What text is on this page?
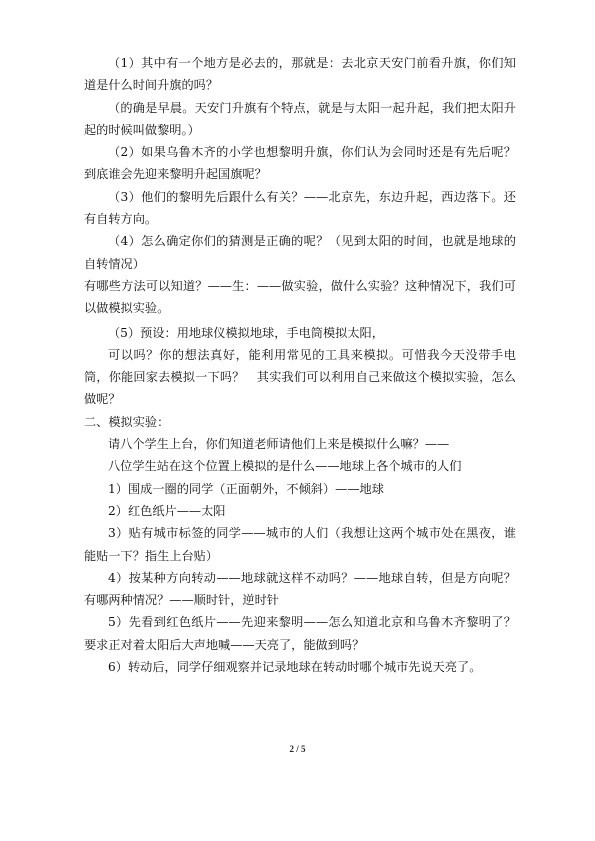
（1）其中有一个地方是必去的，那就是：去北京天安门前看升旗，你们知道是什么时间升旗的吗？

（的确是早晨。天安门升旗有个特点，就是与太阳一起升起，我们把太阳升起的时候叫做黎明。）

（2）如果乌鲁木齐的小学也想黎明升旗，你们认为会同时还是有先后呢？到底谁会先迎来黎明升起国旗呢？

（3）他们的黎明先后跟什么有关？——北京先，东边升起，西边落下。还有自转方向。

（4）怎么确定你们的猜测是正确的呢？（见到太阳的时间，也就是地球的自转情况）

有哪些方法可以知道？——生：——做实验，做什么实验？这种情况下，我们可以做模拟实验。

（5）预设：用地球仪模拟地球，手电筒模拟太阳，

可以吗？你的想法真好，能利用常见的工具来模拟。可惜我今天没带手电筒，你能回家去模拟一下吗？　其实我们可以利用自己来做这个模拟实验，怎么做呢？

二、模拟实验：

请八个学生上台，你们知道老师请他们上来是模拟什么嘛？——

八位学生站在这个位置上模拟的是什么——地球上各个城市的人们

1）围成一圈的同学（正面朝外，不倾斜）——地球

2）红色纸片——太阳

3）贴有城市标签的同学——城市的人们（我想让这两个城市处在黑夜，谁能贴一下？指生上台贴）

4）按某种方向转动——地球就这样不动吗？——地球自转，但是方向呢？有哪两种情况？——顺时针，逆时针

5）先看到红色纸片——先迎来黎明——怎么知道北京和乌鲁木齐黎明了？要求正对着太阳后大声地喊——天亮了，能做到吗？

6）转动后，同学仔细观察并记录地球在转动时哪个城市先说天亮了。

2 / 5
